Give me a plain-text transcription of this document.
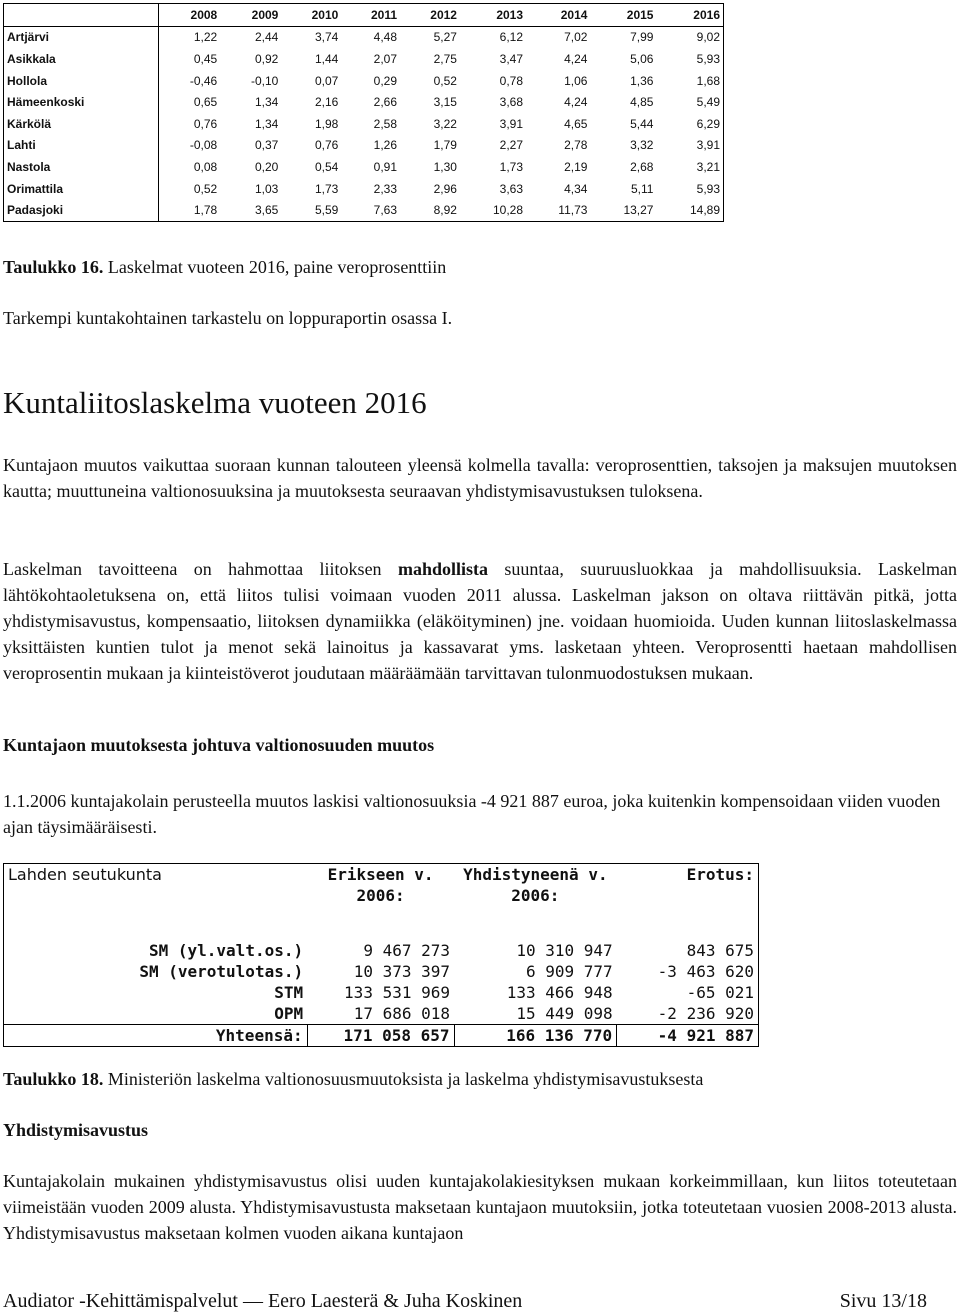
	2008	2009	2010	2011	2012	2013	2014	2015	2016
Artjärvi	1,22	2,44	3,74	4,48	5,27	6,12	7,02	7,99	9,02
Asikkala	0,45	0,92	1,44	2,07	2,75	3,47	4,24	5,06	5,93
Hollola	-0,46	-0,10	0,07	0,29	0,52	0,78	1,06	1,36	1,68
Hämeenkoski	0,65	1,34	2,16	2,66	3,15	3,68	4,24	4,85	5,49
Kärkölä	0,76	1,34	1,98	2,58	3,22	3,91	4,65	5,44	6,29
Lahti	-0,08	0,37	0,76	1,26	1,79	2,27	2,78	3,32	3,91
Nastola	0,08	0,20	0,54	0,91	1,30	1,73	2,19	2,68	3,21
Orimattila	0,52	1,03	1,73	2,33	2,96	3,63	4,34	5,11	5,93
Padasjoki	1,78	3,65	5,59	7,63	8,92	10,28	11,73	13,27	14,89

Taulukko 16. Laskelmat vuoteen 2016, paine veroprosenttiin

Tarkempi kuntakohtainen tarkastelu on loppuraportin osassa I.

Kuntaliitoslaskelma vuoteen 2016

Kuntajaon muutos vaikuttaa suoraan kunnan talouteen yleensä kolmella tavalla: veroprosenttien, taksojen ja maksujen muutoksen kautta; muuttuneina valtionosuuksina ja muutoksesta seuraavan yhdistymisavustuksen tuloksena.

Laskelman tavoitteena on hahmottaa liitoksen mahdollista suuntaa, suuruusluokkaa ja mahdollisuuksia. Laskelman lähtökohtaoletuksena on, että liitos tulisi voimaan vuoden 2011 alussa. Laskelman jakson on oltava riittävän pitkä, jotta yhdistymisavustus, kompensaatio, liitoksen dynamiikka (eläköityminen) jne. voidaan huomioida. Uuden kunnan liitoslaskelmassa yksittäisten kuntien tulot ja menot sekä lainoitus ja kassavarat yms. lasketaan yhteen. Veroprosentti haetaan mahdollisen veroprosentin mukaan ja kiinteistöverot joudutaan määräämään tarvittavan tulonmuodostuksen mukaan.

Kuntajaon muutoksesta johtuva valtionosuuden muutos

1.1.2006 kuntajakolain perusteella muutos laskisi valtionosuuksia -4 921 887 euroa, joka kuitenkin kompensoidaan viiden vuoden ajan täysimääräisesti.

Lahden seutukunta	Erikseen v. 2006:	Yhdistyneenä v. 2006:	Erotus:

SM (yl.valt.os.)	9 467 273	10 310 947	843 675
SM (verotulotas.)	10 373 397	6 909 777	-3 463 620
STM	133 531 969	133 466 948	-65 021
OPM	17 686 018	15 449 098	-2 236 920
Yhteensä:	171 058 657	166 136 770	-4 921 887

Taulukko 18. Ministeriön laskelma valtionosuusmuutoksista ja laskelma yhdistymisavustuksesta

Yhdistymisavustus

Kuntajakolain mukainen yhdistymisavustus olisi uuden kuntajakolakiesityksen mukaan korkeimmillaan, kun liitos toteutetaan viimeistään vuoden 2009 alusta. Yhdistymisavustusta maksetaan kuntajaon muutoksiin, jotka toteutetaan vuosien 2008-2013 alusta. Yhdistymisavustus maksetaan kolmen vuoden aikana kuntajaon

Audiator -Kehittämispalvelut — Eero Laesterä & Juha Koskinen	Sivu 13/18
